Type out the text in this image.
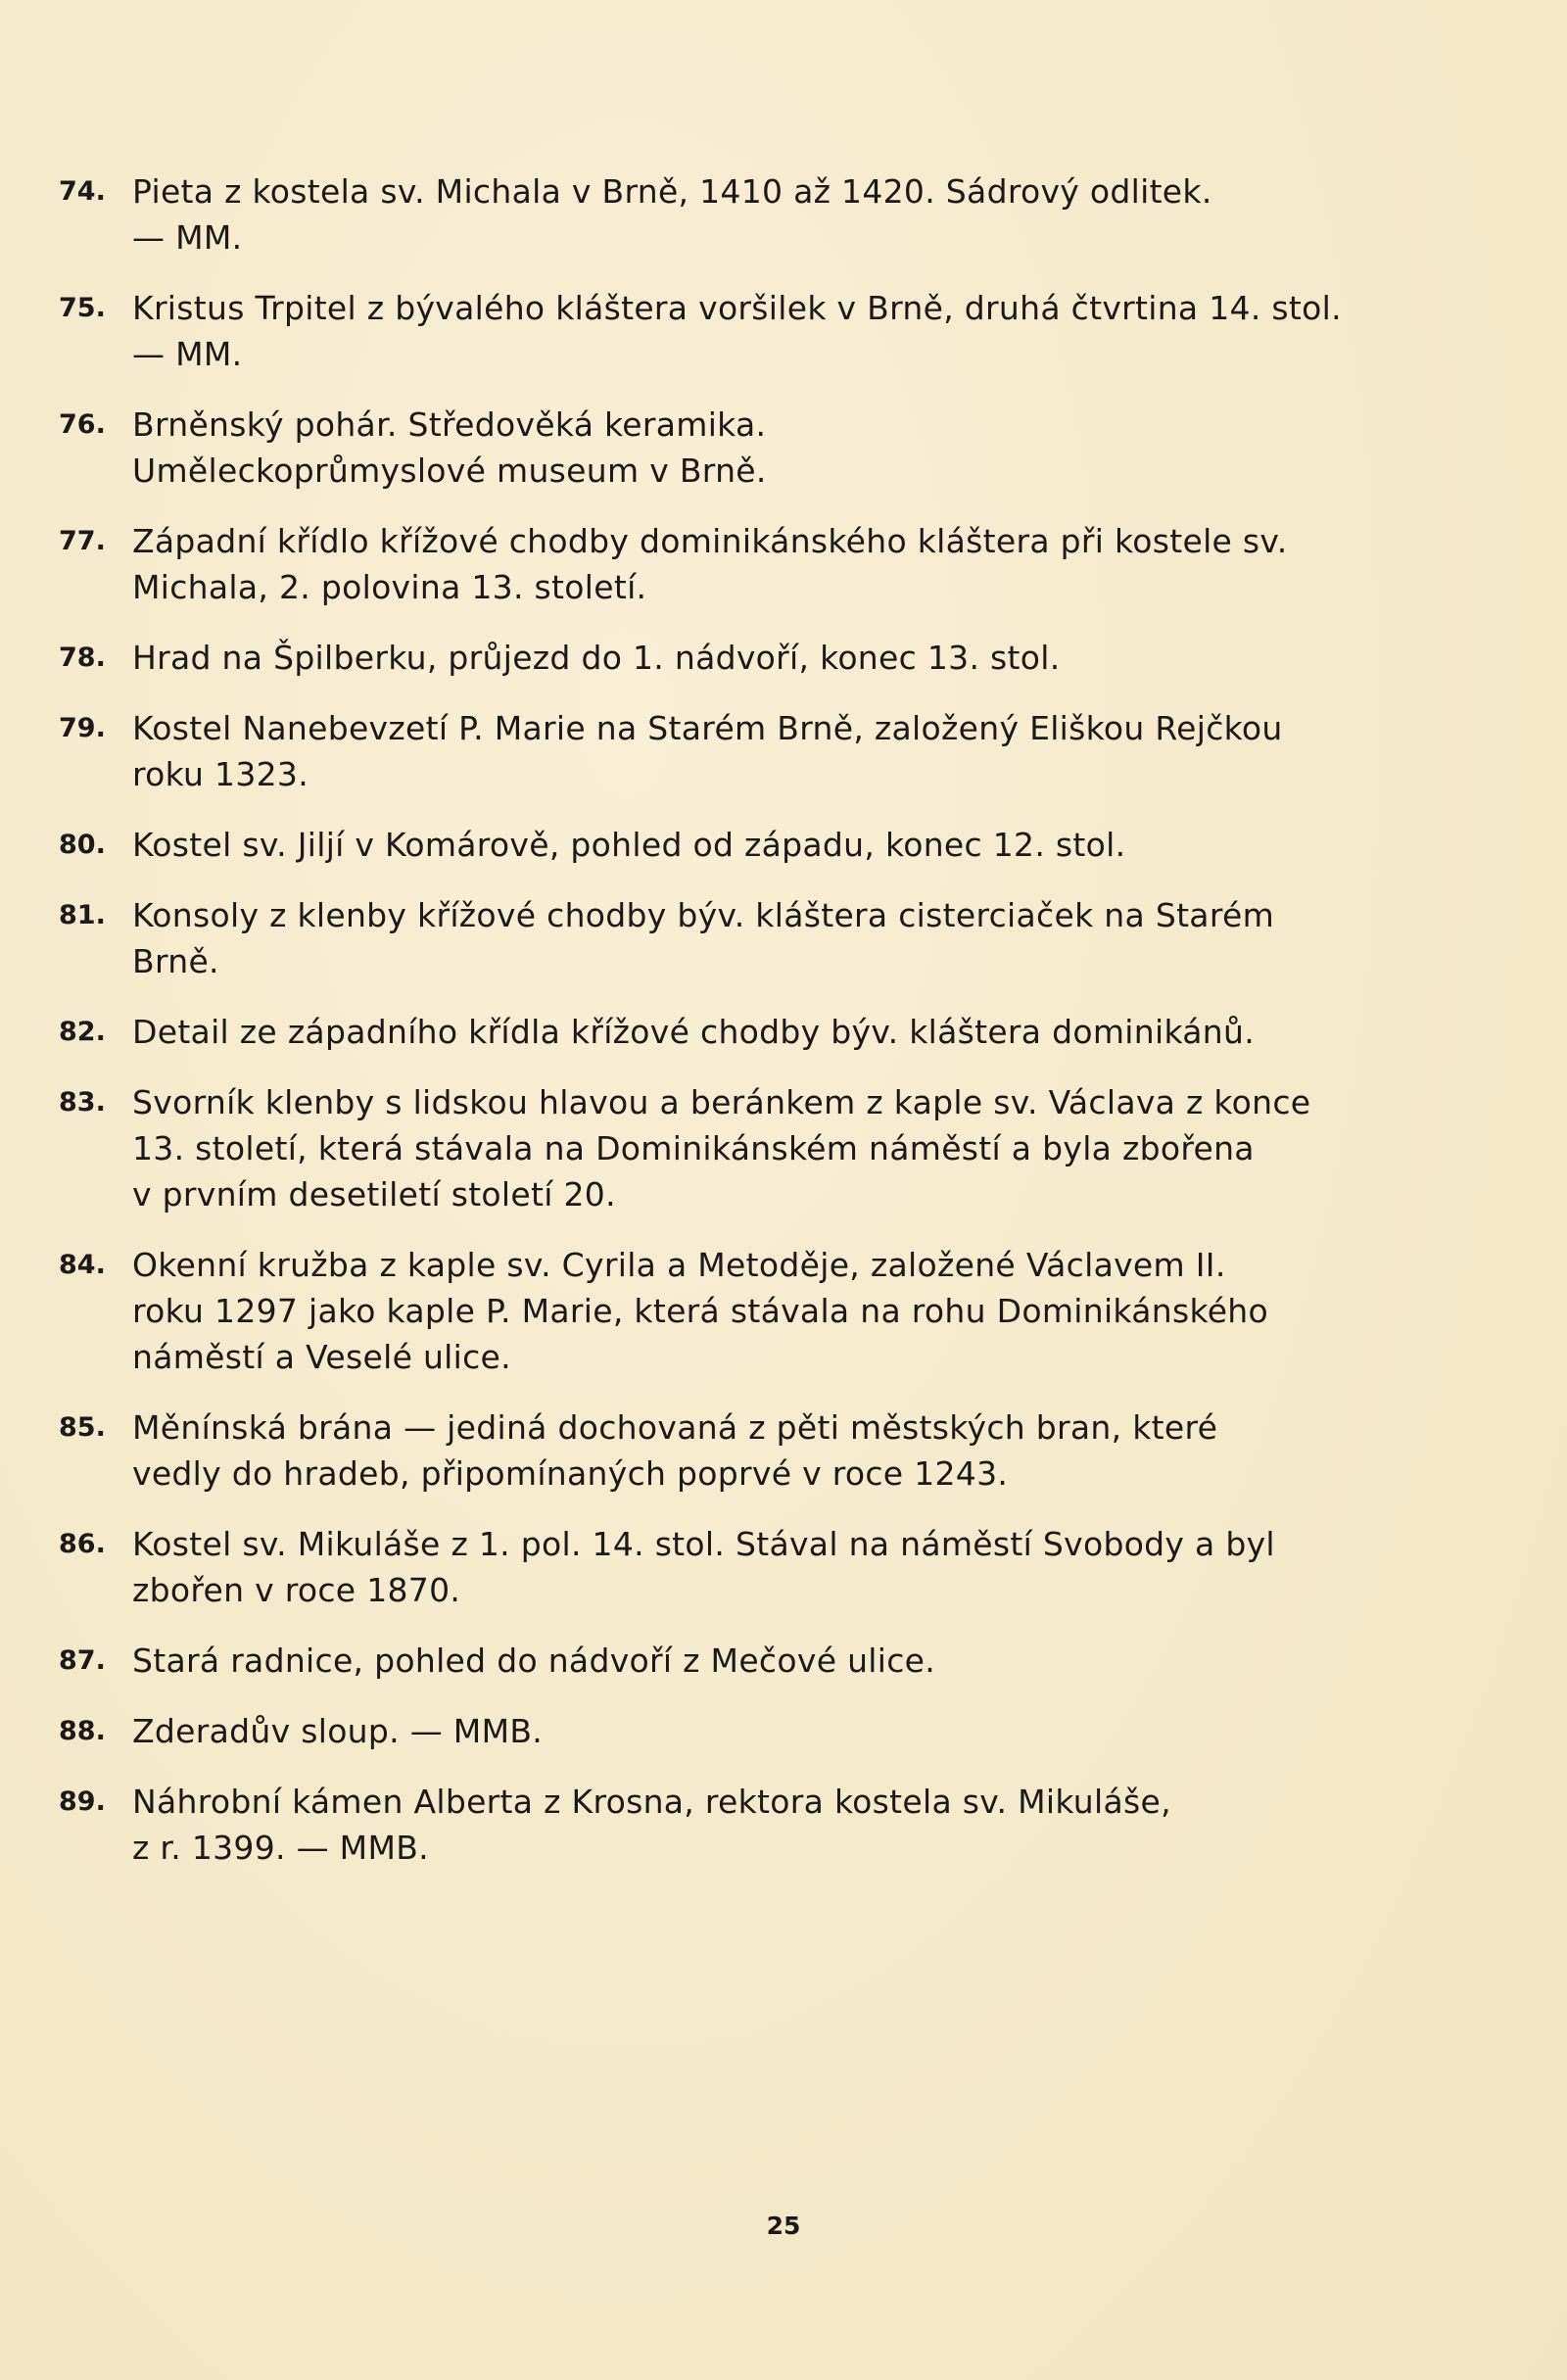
74. Pieta z kostela sv. Michala v Brně, 1410 až 1420. Sádrový odlitek.
— MM.
75. Kristus Trpitel z bývalého kláštera voršilek v Brně, druhá čtvrtina 14. stol.
— MM.
76. Brněnský pohár. Středověká keramika.
Uměleckoprůmyslové museum v Brně.
77. Západní křídlo křížové chodby dominikánského kláštera při kostele sv.
Michala, 2. polovina 13. století.
78. Hrad na Špilberku, průjezd do 1. nádvoří, konec 13. stol.
79. Kostel Nanebevzetí P. Marie na Starém Brně, založený Eliškou Rejčkou
roku 1323.
80. Kostel sv. Jiljí v Komárově, pohled od západu, konec 12. stol.
81. Konsoly z klenby křížové chodby býv. kláštera cisterciaček na Starém
Brně.
82. Detail ze západního křídla křížové chodby býv. kláštera dominikánů.
83. Svorník klenby s lidskou hlavou a beránkem z kaple sv. Václava z konce
13. století, která stávala na Dominikánském náměstí a byla zbořena
v prvním desetiletí století 20.
84. Okenní kružba z kaple sv. Cyrila a Metoděje, založené Václavem II.
roku 1297 jako kaple P. Marie, která stávala na rohu Dominikánského
náměstí a Veselé ulice.
85. Měnínská brána — jediná dochovaná z pěti městských bran, které
vedly do hradeb, připomínaných poprvé v roce 1243.
86. Kostel sv. Mikuláše z 1. pol. 14. stol. Stával na náměstí Svobody a byl
zbořen v roce 1870.
87. Stará radnice, pohled do nádvoří z Mečové ulice.
88. Zderadův sloup. — MMB.
89. Náhrobní kámen Alberta z Krosna, rektora kostela sv. Mikuláše,
z r. 1399. — MMB.
25
